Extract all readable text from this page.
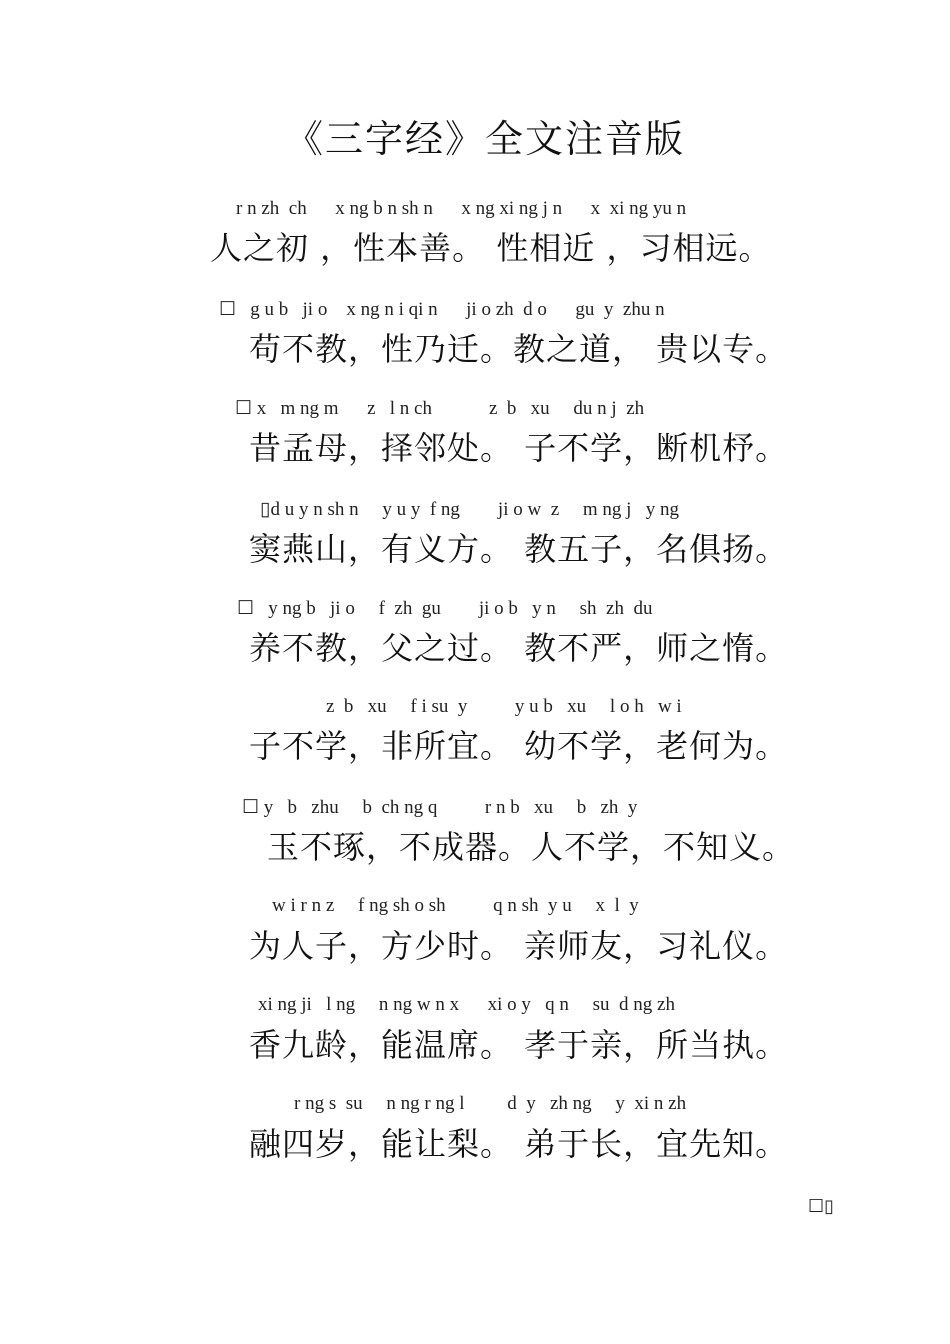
《三字经》全文注音版
r n zh  ch      x ng b n sh n      x ng xi ng j n      x  xi ng yu n
人之初 ，性本善。 性相近 ，习相远。
☐   g u b   ji o    x ng n i qi n      ji o zh  d o      gu  y  zhu n
苟不教，性乃迁。教之道， 贵以专。
☐ x   m ng m      z   l n ch            z  b   xu     du n j  zh
昔孟母，择邻处。 子不学，断机杼。
▯d u y n sh n     y u y  f ng        ji o w  z     m ng j   y ng
窦燕山，有义方。 教五子，名俱扬。
☐   y ng b   ji o     f  zh  gu        ji o b   y n     sh  zh  du
养不教，父之过。 教不严，师之惰。
z  b   xu     f i su  y          y u b   xu     l o h   w i
子不学，非所宜。 幼不学，老何为。
☐ y   b   zhu     b  ch ng q          r n b   xu     b   zh  y
玉不琢，不成器。人不学，不知义。
w i r n z     f ng sh o sh          q n sh  y u     x  l  y
为人子，方少时。 亲师友，习礼仪。
xi ng ji   l ng     n ng w n x      xi o y   q n     su  d ng zh
香九龄，能温席。 孝于亲，所当执。
r ng s  su     n ng r ng l         d  y   zh ng     y  xi n zh
融四岁，能让梨。 弟于长，宜先知。
☐▯
